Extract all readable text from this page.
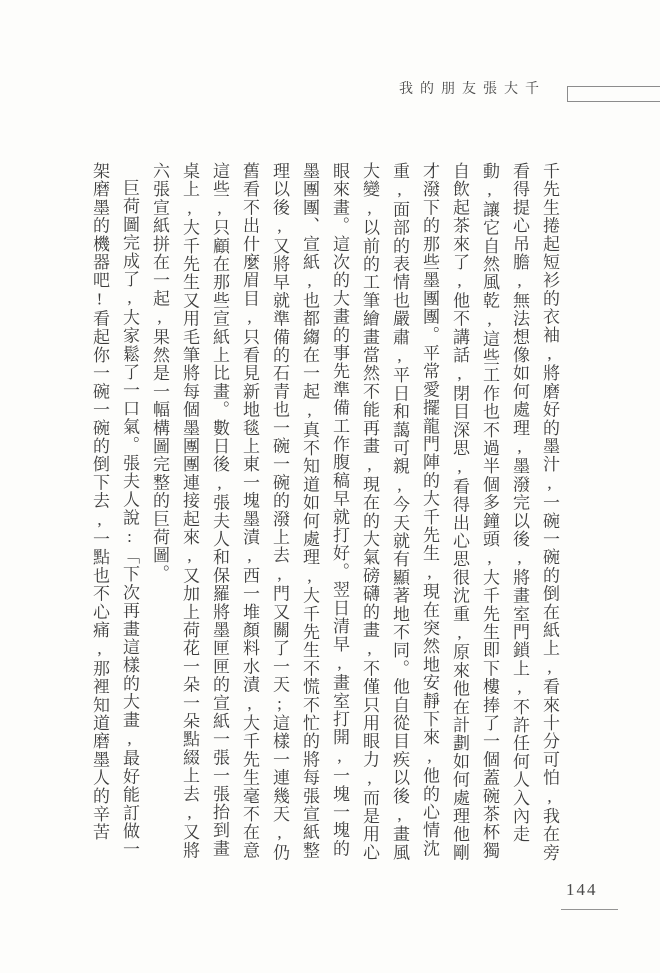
我的朋友張大千

千先生捲起短衫的衣袖,將磨好的墨汁,一碗一碗的倒在紙上,看來十分可怕,我在旁看得提心吊膽,無法想像如何處理,墨潑完以後,將畫室門鎖上,不許任何人入內走動,讓它自然風乾,這些工作也不過半個多鐘頭,大千先生即下樓捧了一個蓋碗茶杯獨自飲起茶來了,他不講話,閉目深思,看得出心思很沈重,原來他在計劃如何處理他剛才潑下的那些墨團團。平常愛擺龍門陣的大千先生,現在突然地安靜下來,他的心情沈重,面部的表情也嚴肅,平日和藹可親,今天就有顯著地不同。他自從目疾以後,畫風大變,以前的工筆繪畫當然不能再畫,現在的大氣磅礴的畫,不僅只用眼力,而是用心眼來畫。這次的大畫的事先準備工作腹稿早就打好。翌日清早,畫室打開,一塊一塊的墨團團、宣紙,也都縐在一起,真不知道如何處理,大千先生不慌不忙的將每張宣紙整理以後,又將早就準備的石青也一碗一碗的潑上去,門又關了一天;這樣一連幾天,仍舊看不出什麼眉目,只看見新地毯上東一塊墨漬,西一堆顏料水漬,大千先生毫不在意這些,只顧在那些宣紙上比畫。數日後,張夫人和保羅將墨匣匣的宣紙一張一張抬到畫桌上,大千先生又用毛筆將每個墨團團連接起來,又加上荷花一朵一朵點綴上去,又將六張宣紙拼在一起,果然是一幅構圖完整的巨荷圖。

巨荷圖完成了,大家鬆了一口氣。張夫人說:「下次再畫這樣的大畫,最好能訂做一架磨墨的機器吧!看起你一碗一碗的倒下去,一點也不心痛,那裡知道磨墨人的辛苦

144
